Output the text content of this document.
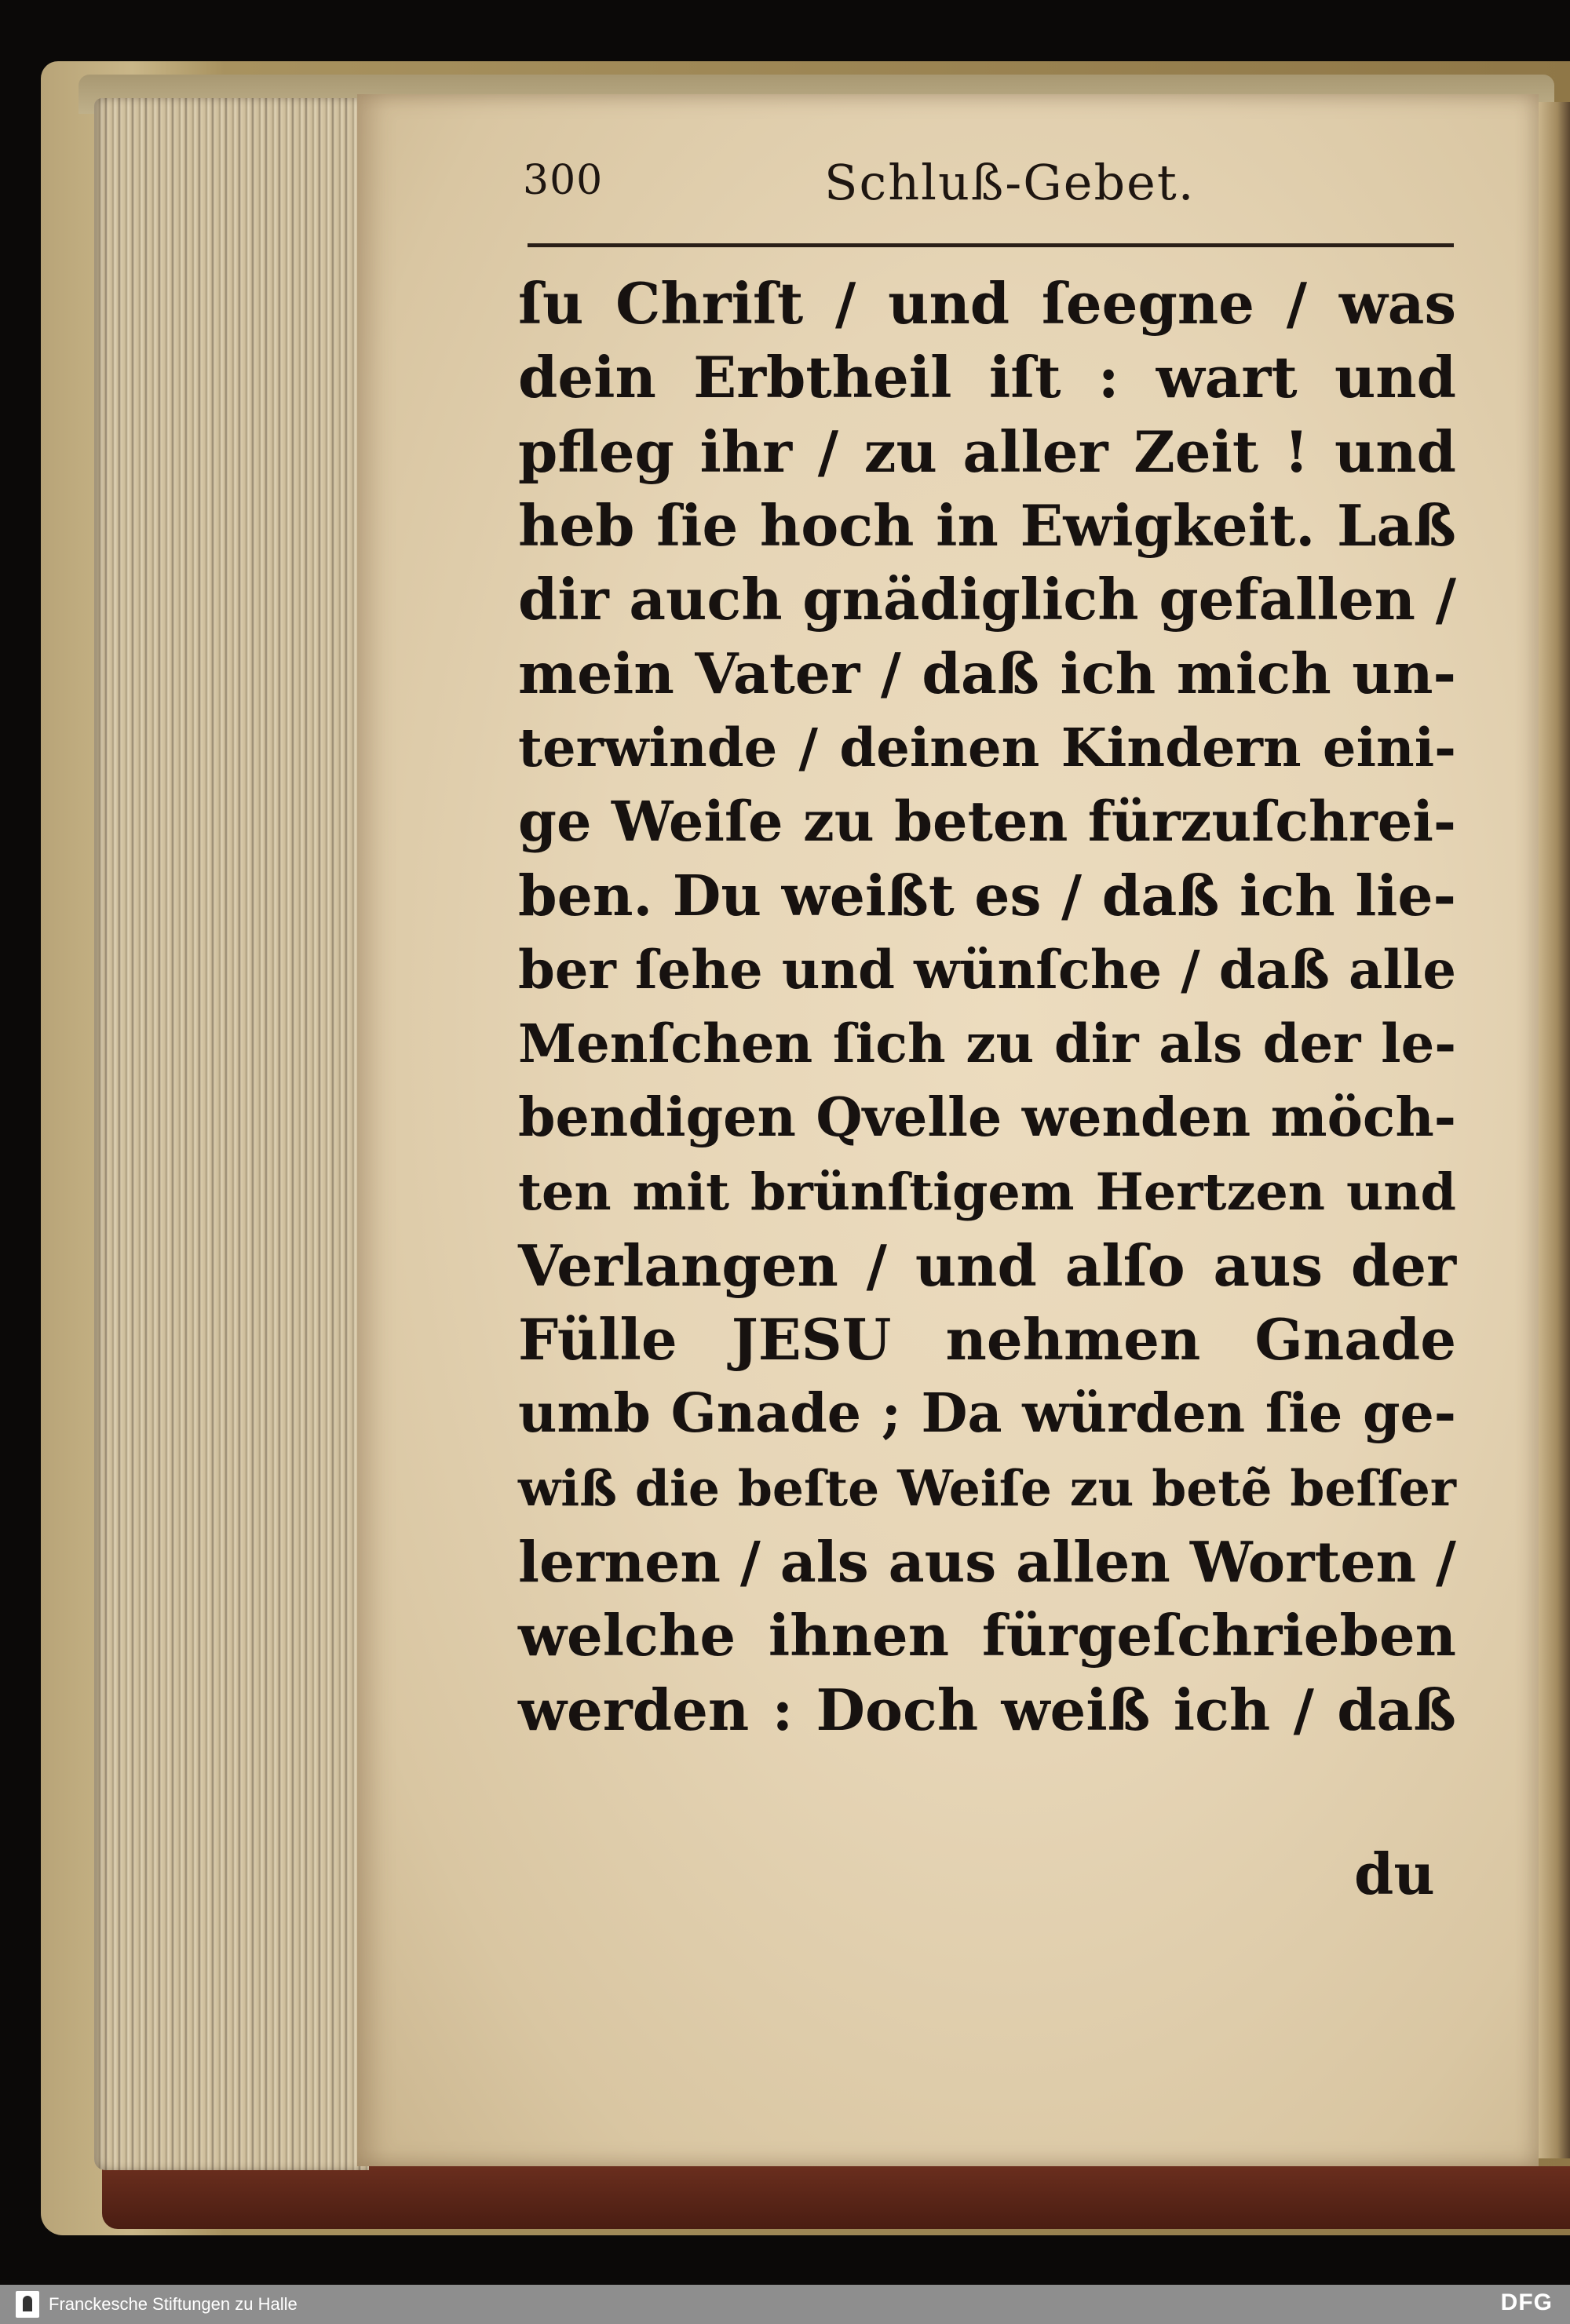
300	Schluß-Gebet.
ſu Chriſt / und ſeegne / was
dein Erbtheil iſt : wart und
pfleg ihr / zu aller Zeit ! und
heb ſie hoch in Ewigkeit. Laß
dir auch gnädiglich gefallen /
mein Vater / daß ich mich un-
terwinde / deinen Kindern eini-
ge Weiſe zu beten fürzuſchrei-
ben. Du weißt es / daß ich lie-
ber ſehe und wünſche / daß alle
Menſchen ſich zu dir als der le-
bendigen Qvelle wenden möch-
ten mit brünſtigem Hertzen und
Verlangen / und alſo aus der
Fülle JESU nehmen Gnade
umb Gnade ; Da würden ſie ge-
wiß die beſte Weiſe zu betẽ beſſer
lernen / als aus allen Worten /
welche ihnen fürgeſchrieben
werden : Doch weiß ich / daß
du
Franckesche Stiftungen zu Halle	DFG
